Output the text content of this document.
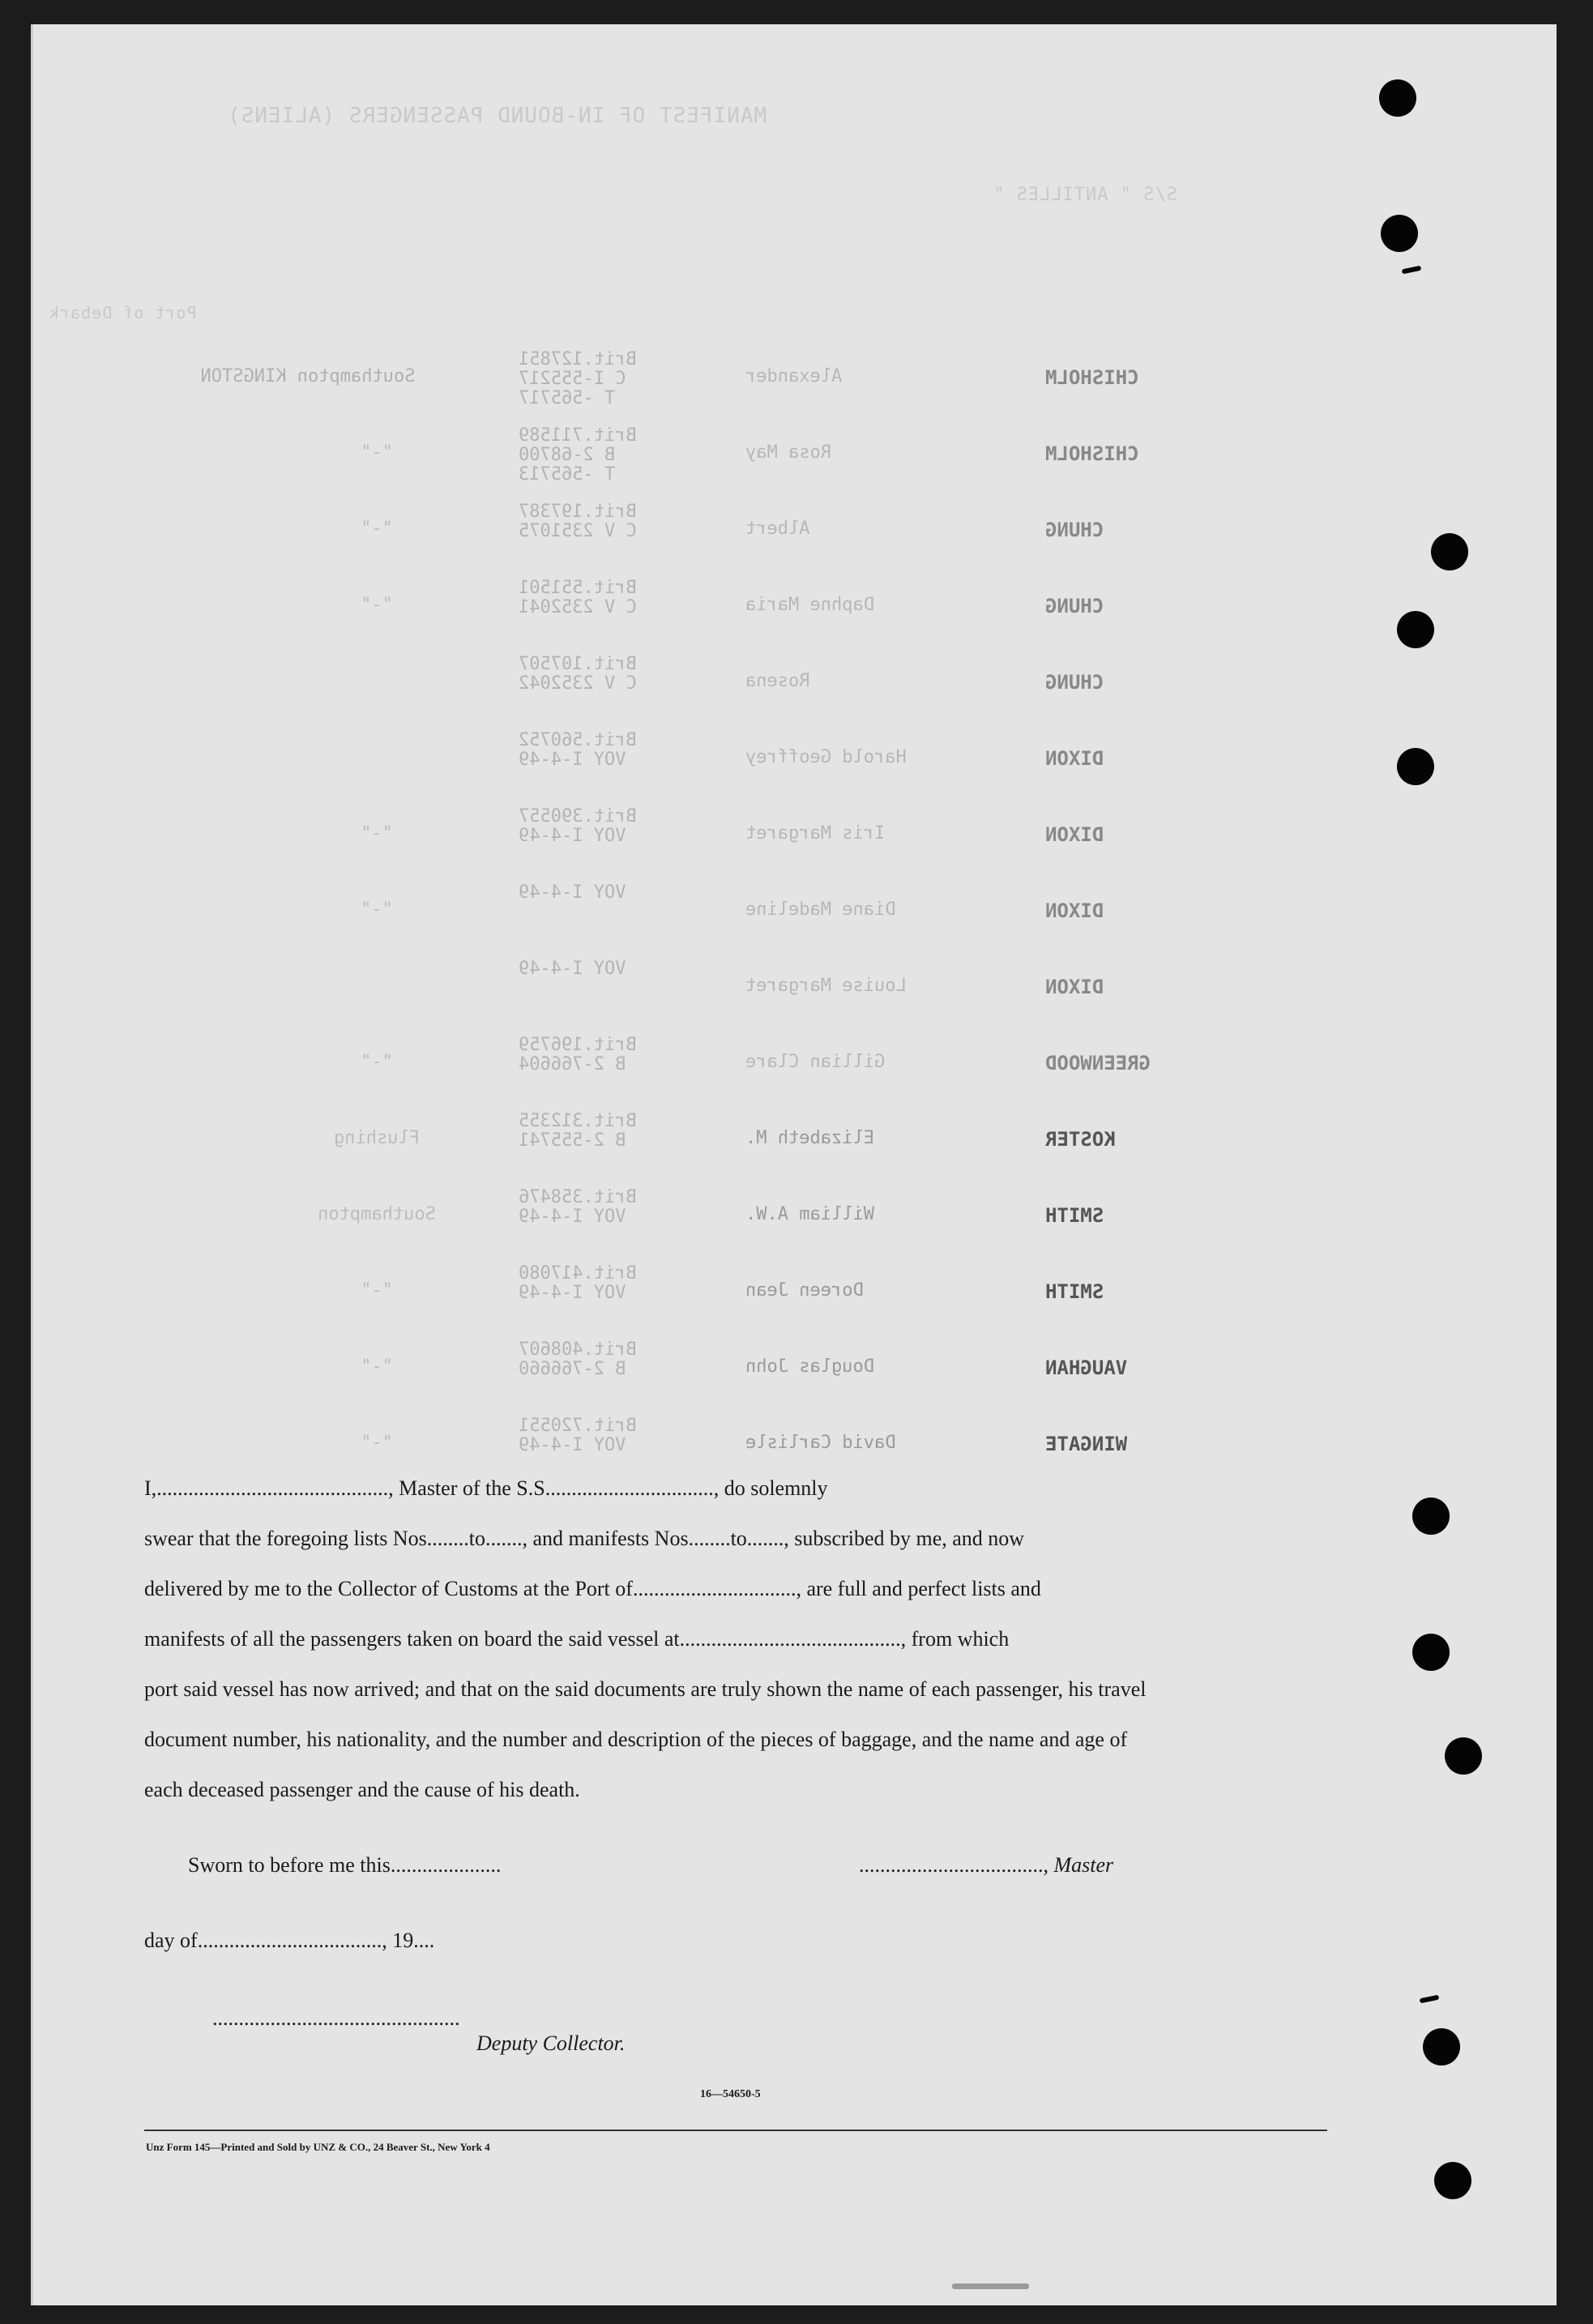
MANIFEST OF IN-BOUND PASSENGERS (ALIENS)
S/S " ANTILLES "
Port of Debark
CHISHOLM
Alexander
Brit.127851
C I-555217
T -565717
Southampton KINGSTON
CHISHOLM
Rosa May
Brit.711589
B 2-68700
T -565713
"-"
CHUNG
Albert
Brit.197387
C V 2351075
"-"
CHUNG
Daphne Maria
Brit.551501
C V 2352041
"-"
CHUNG
Rosena
Brit.107507
C V 2352042
DIXON
Harold Geoffrey
Brit.560752
VOY I-4-49
DIXON
Iris Margaret
Brit.390557
VOY I-4-49
"-"
DIXON
Diane Madeline
VOY I-4-49
"-"
DIXON
Louise Margaret
VOY I-4-49
GREENWOOD
Gillian Clare
Brit.196759
B 2-766604
"-"
KOSTER
Elizabeth M.
Brit.312355
B 2-555741
Flushing
SMITH
William A.W.
Brit.358476
VOY I-4-49
Southampton
SMITH
Doreen Jean
Brit.417080
VOY I-4-49
"-"
VAUGHAN
Douglas John
Brit.408607
B 2-766660
"-"
WINGATE
David Carlisle
Brit.720551
VOY I-4-49
"-"
I,............................................, Master of the S.S................................, do solemnly
swear that the foregoing lists Nos........to......., and manifests Nos........to......., subscribed by me, and now
delivered by me to the Collector of Customs at the Port of..............................., are full and perfect lists and
manifests of all the passengers taken on board the said vessel at.........................................., from which
port said vessel has now arrived; and that on the said documents are truly shown the name of each passenger, his travel
document number, his nationality, and the number and description of the pieces of baggage, and the name and age of
each deceased passenger and the cause of his death.
Sworn to before me this.....................	..................................., Master
day of..................................., 19....
...............................................
Deputy Collector.
16—54650-5
Unz Form 145—Printed and Sold by UNZ & CO., 24 Beaver St., New York 4
